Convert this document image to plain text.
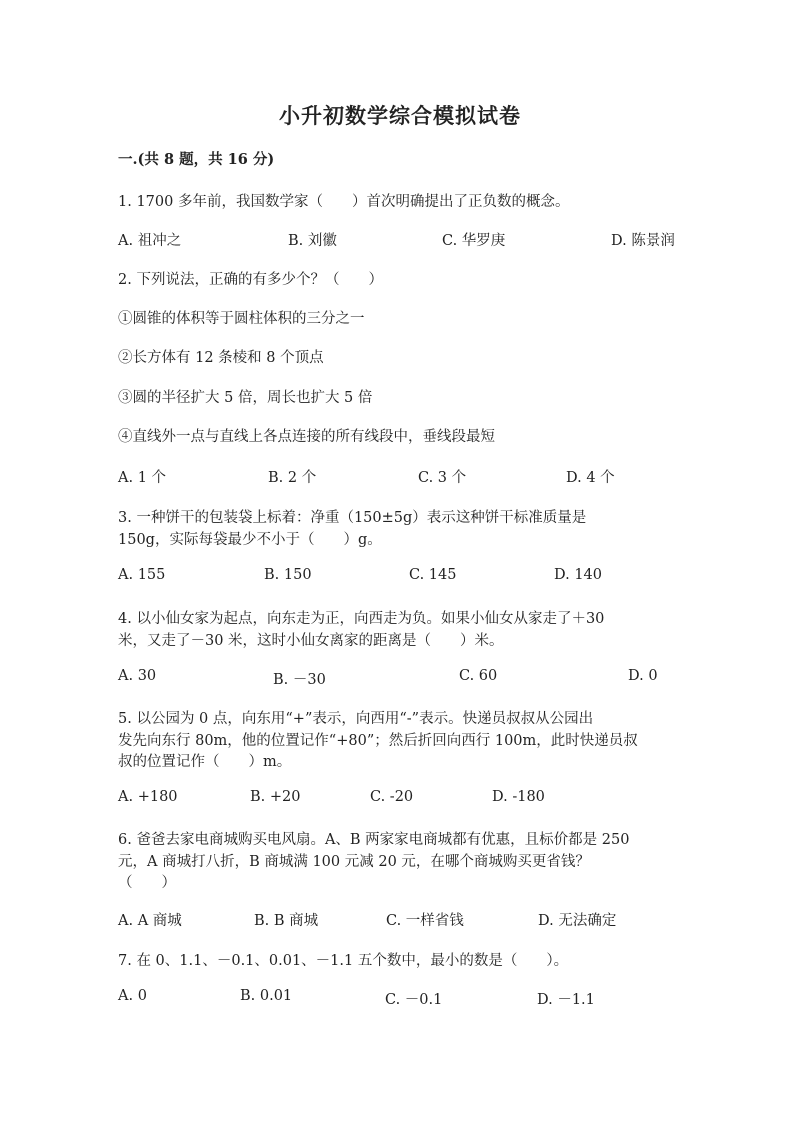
小升初数学综合模拟试卷
一.(共 8 题，共 16 分)
1. 1700 多年前，我国数学家（　　）首次明确提出了正负数的概念。
A. 祖冲之	B. 刘徽	C. 华罗庚	D. 陈景润
2. 下列说法，正确的有多少个？（　　）
①圆锥的体积等于圆柱体积的三分之一
②长方体有 12 条棱和 8 个顶点
③圆的半径扩大 5 倍，周长也扩大 5 倍
④直线外一点与直线上各点连接的所有线段中，垂线段最短
A. 1 个	B. 2 个	C. 3 个	D. 4 个
3. 一种饼干的包装袋上标着：净重（150±5g）表示这种饼干标准质量是
150g，实际每袋最少不小于（　　）g。
A. 155	B. 150	C. 145	D. 140
4. 以小仙女家为起点，向东走为正，向西走为负。如果小仙女从家走了＋30
米，又走了－30 米，这时小仙女离家的距离是（　　）米。
A. 30	B. －30	C. 60	D. 0
5. 以公园为 0 点，向东用“+”表示，向西用“-”表示。快递员叔叔从公园出
发先向东行 80m，他的位置记作“+80”；然后折回向西行 100m，此时快递员叔
叔的位置记作（　　）m。
A. +180	B. +20	C. -20	D. -180
6. 爸爸去家电商城购买电风扇。A、B 两家家电商城都有优惠，且标价都是 250
元，A 商城打八折，B 商城满 100 元减 20 元，在哪个商城购买更省钱？
（　　）
A. A 商城	B. B 商城	C. 一样省钱	D. 无法确定
7. 在 0、1.1、－0.1、0.01、－1.1 五个数中，最小的数是（　　）。
A. 0	B. 0.01	C. －0.1	D. －1.1
